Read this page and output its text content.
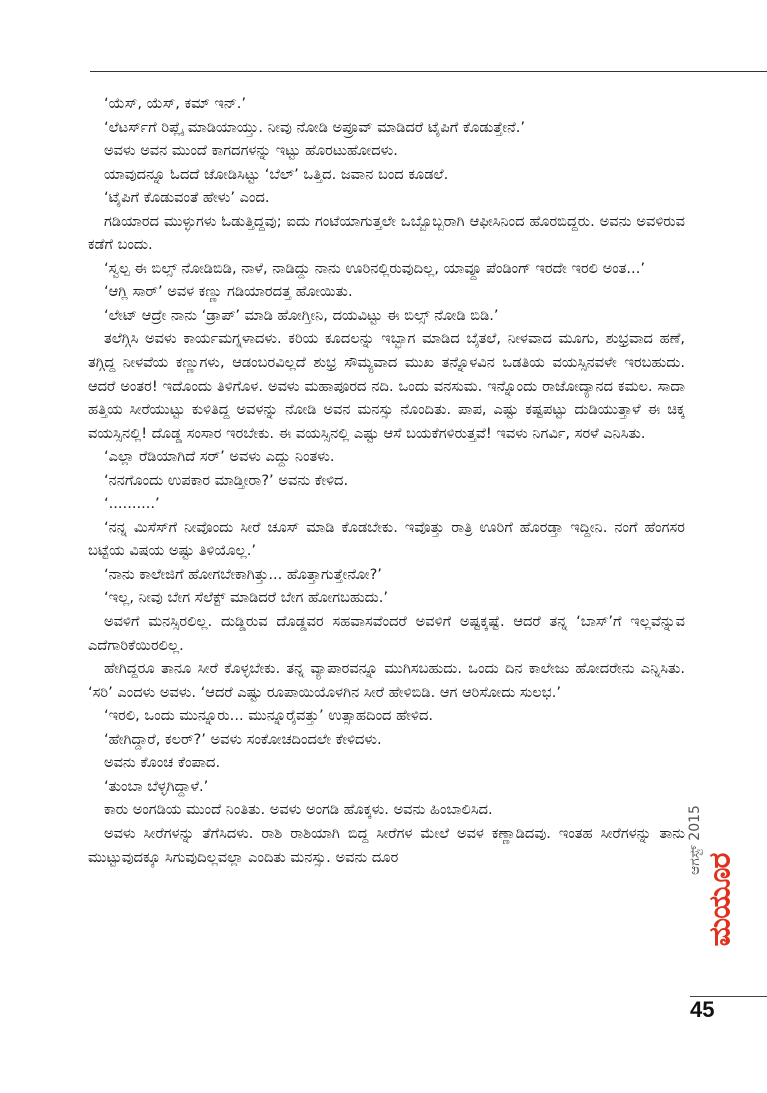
‘ಯೆಸ್, ಯೆಸ್, ಕಮ್ ಇನ್.’

‘ಲೆಟರ್ಸ್‌ಗೆ ರಿಪ್ಲೈ ಮಾಡಿಯಾಯ್ತು. ನೀವು ನೋಡಿ ಅಪ್ರೂವ್ ಮಾಡಿದರೆ ಟೈಪಿಗೆ ಕೊಡುತ್ತೇನೆ.’

ಅವಳು ಅವನ ಮುಂದೆ ಕಾಗದಗಳನ್ನು ಇಟ್ಟು ಹೊರಟುಹೋದಳು.

ಯಾವುದನ್ನೂ ಓದದೆ ಜೋಡಿಸಿಟ್ಟು ‘ಬೆಲ್’ ಒತ್ತಿದ. ಜವಾನ ಬಂದ ಕೂಡಲೆ.

‘ಟೈಪಿಗೆ ಕೊಡುವಂತೆ ಹೇಳು’ ಎಂದ.

ಗಡಿಯಾರದ ಮುಳ್ಳುಗಳು ಓಡುತ್ತಿದ್ದವು; ಐದು ಗಂಟೆಯಾಗುತ್ತಲೇ ಒಬ್ಬೊಬ್ಬರಾಗಿ ಆಫೀಸಿನಿಂದ ಹೊರಬಿದ್ದರು. ಅವನು ಅವಳಿರುವ ಕಡೆಗೆ ಬಂದು.

‘ಸ್ವಲ್ಪ ಈ ಬಿಲ್ಸ್ ನೋಡಿಬಿಡಿ, ನಾಳೆ, ನಾಡಿದ್ದು ನಾನು ಊರಿನಲ್ಲಿರುವುದಿಲ್ಲ, ಯಾವ್ದೂ ಪೆಂಡಿಂಗ್ ಇರದೇ ಇರಲಿ ಅಂತ...’

‘ಆಗ್ಲಿ ಸಾರ್’ ಅವಳ ಕಣ್ಣು ಗಡಿಯಾರದತ್ತ ಹೋಯಿತು.

‘ಲೇಟ್ ಆದ್ರೇ ನಾನು ‘ಡ್ರಾಪ್’ ಮಾಡಿ ಹೋಗ್ತೀನಿ, ದಯವಿಟ್ಟು ಈ ಬಿಲ್ಸ್ ನೋಡಿ ಬಿಡಿ.’

ತಲೆಗ್ಗಿಸಿ ಅವಳು ಕಾರ್ಯಮಗ್ನಳಾದಳು. ಕರಿಯ ಕೂದಲನ್ನು ಇಬ್ಭಾಗ ಮಾಡಿದ ಬೈತಲೆ, ನೀಳವಾದ ಮೂಗು, ಶುಭ್ರವಾದ ಹಣೆ, ತಗ್ಗಿದ್ದ ನೀಳವೆಯ ಕಣ್ಣುಗಳು, ಆಡಂಬರವಿಲ್ಲದೆ ಶುಭ್ರ ಸೌಮ್ಯವಾದ ಮುಖ ತನ್ನೊಳವಿನ ಒಡತಿಯ ವಯಸ್ಸಿನವಳೇ ಇರಬಹುದು. ಆದರೆ ಅಂತರ! ಇದೊಂದು ತಿಳಿಗೊಳ. ಅವಳು ಮಹಾಪೂರದ ನದಿ. ಒಂದು ವನಸುಮ. ಇನ್ನೊಂದು ರಾಜೋದ್ಯಾನದ ಕಮಲ. ಸಾದಾ ಹತ್ತಿಯ ಸೀರೆಯುಟ್ಟು ಕುಳಿತಿದ್ದ ಅವಳನ್ನು ನೋಡಿ ಅವನ ಮನಸ್ಸು ನೊಂದಿತು. ಪಾಪ, ಎಷ್ಟು ಕಷ್ಟಪಟ್ಟು ದುಡಿಯುತ್ತಾಳೆ ಈ ಚಿಕ್ಕ ವಯಸ್ಸಿನಲ್ಲಿ! ದೊಡ್ಡ ಸಂಸಾರ ಇರಬೇಕು. ಈ ವಯಸ್ಸಿನಲ್ಲಿ ಎಷ್ಟು ಆಸೆ ಬಯಕೆಗಳಿರುತ್ತವೆ! ಇವಳು ನಿಗರ್ವಿ, ಸರಳೆ ಎನಿಸಿತು.

‘ಎಲ್ಲಾ ರೆಡಿಯಾಗಿದೆ ಸರ್’ ಅವಳು ಎದ್ದು ನಿಂತಳು.

‘ನನಗೊಂದು ಉಪಕಾರ ಮಾಡ್ತೀರಾ?’ ಅವನು ಕೇಳಿದ.

‘..........’

‘ನನ್ನ ಮಿಸೆಸ್‌ಗೆ ನೀವೊಂದು ಸೀರೆ ಚೂಸ್ ಮಾಡಿ ಕೊಡಬೇಕು. ಇವೊತ್ತು ರಾತ್ರಿ ಊರಿಗೆ ಹೊರಡ್ತಾ ಇದ್ದೀನಿ. ನಂಗೆ ಹೆಂಗಸರ ಬಟ್ಟೆಯ ವಿಷಯ ಅಷ್ಟು ತಿಳಿಯೊಲ್ಲ.’

‘ನಾನು ಕಾಲೇಜಿಗೆ ಹೋಗಬೇಕಾಗಿತ್ತು... ಹೊತ್ತಾಗುತ್ತೇನೋ?’

‘ಇಲ್ಲ, ನೀವು ಬೇಗ ಸೆಲೆಕ್ಟ್ ಮಾಡಿದರೆ ಬೇಗ ಹೋಗಬಹುದು.’

ಅವಳಿಗೆ ಮನಸ್ಸಿರಲಿಲ್ಲ. ದುಡ್ಡಿರುವ ದೊಡ್ಡವರ ಸಹವಾಸವೆಂದರೆ ಅವಳಿಗೆ ಅಷ್ಟಕ್ಕಷ್ಟೆ. ಆದರೆ ತನ್ನ ‘ಬಾಸ್’ಗೆ ಇಲ್ಲವೆನ್ನುವ ಎದೆಗಾರಿಕೆಯಿರಲಿಲ್ಲ.

ಹೇಗಿದ್ದರೂ ತಾನೂ ಸೀರೆ ಕೊಳ್ಳಬೇಕು. ತನ್ನ ವ್ಯಾಪಾರವನ್ನೂ ಮುಗಿಸಬಹುದು. ಒಂದು ದಿನ ಕಾಲೇಜು ಹೋದರೇನು ಎನ್ನಿಸಿತು. ‘ಸರಿ’ ಎಂದಳು ಅವಳು. ‘ಆದರೆ ಎಷ್ಟು ರೂಪಾಯಿಯೊಳಗಿನ ಸೀರೆ ಹೇಳಿಬಿಡಿ. ಆಗ ಆರಿಸೋದು ಸುಲಭ.’

‘ಇರಲಿ, ಒಂದು ಮುನ್ನೂರು... ಮುನ್ನೂರೈವತ್ತು’ ಉತ್ಸಾಹದಿಂದ ಹೇಳಿದ.

‘ಹೇಗಿದ್ದಾರೆ, ಕಲರ್?’ ಅವಳು ಸಂಕೋಚದಿಂದಲೇ ಕೇಳಿದಳು.

ಅವನು ಕೊಂಚ ಕೆಂಪಾದ.

‘ತುಂಬಾ ಬೆಳ್ಳಗಿದ್ದಾಳೆ.’

ಕಾರು ಅಂಗಡಿಯ ಮುಂದೆ ನಿಂತಿತು. ಅವಳು ಅಂಗಡಿ ಹೊಕ್ಕಳು. ಅವನು ಹಿಂಬಾಲಿಸಿದ.

ಅವಳು ಸೀರೆಗಳನ್ನು ತೆಗೆಸಿದಳು. ರಾಶಿ ರಾಶಿಯಾಗಿ ಬಿದ್ದ ಸೀರೆಗಳ ಮೇಲೆ ಅವಳ ಕಣ್ಣಾಡಿದವು. ಇಂತಹ ಸೀರೆಗಳನ್ನು ತಾನು ಮುಟ್ಟುವುದಕ್ಕೂ ಸಿಗುವುದಿಲ್ಲವಲ್ಲಾ ಎಂದಿತು ಮನಸ್ಸು. ಅವನು ದೂರ	ಆಗಸ್ಟ್ 2015
ಮಯೂರ
45
